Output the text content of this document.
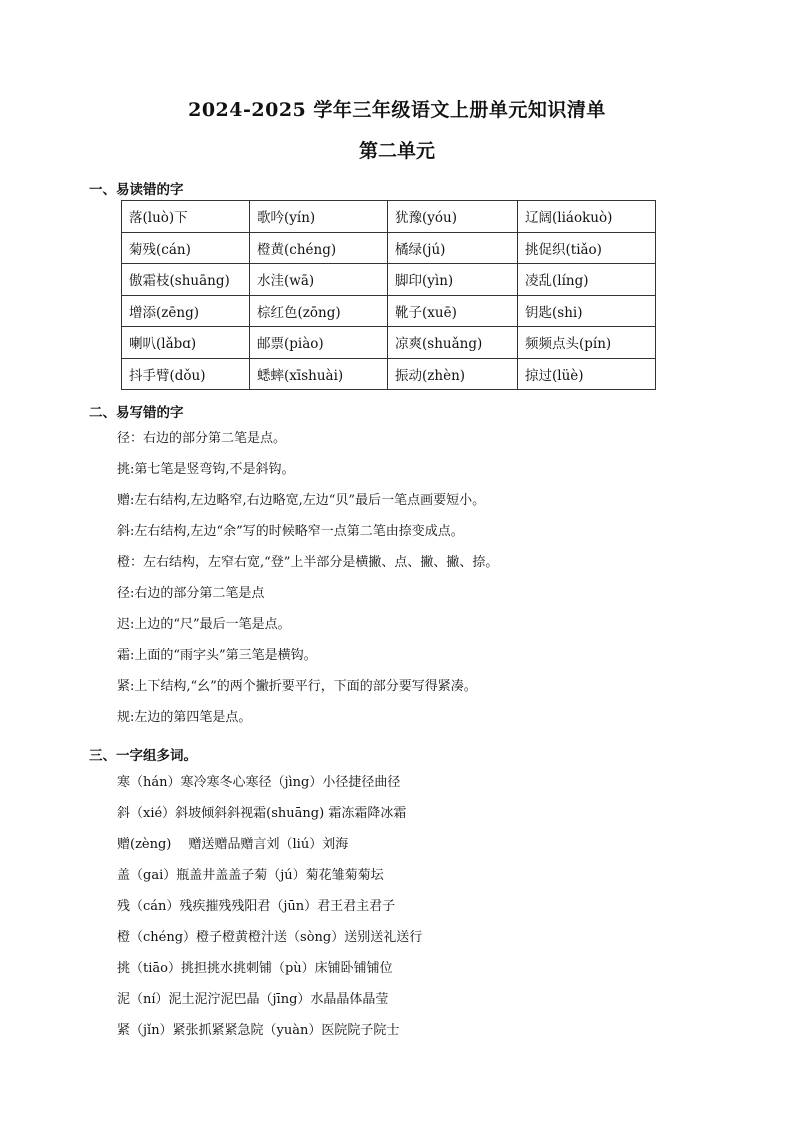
2024-2025 学年三年级语文上册单元知识清单
第二单元
一、易读错的字
落(luò)下	歌吟(yín)	犹豫(yóu)	辽阔(liáokuò)
菊残(cán)	橙黄(chéng)	橘绿(jú)	挑促织(tiǎo)
傲霜枝(shuāng)	水洼(wā)	脚印(yìn)	凌乱(líng)
增添(zēng)	棕红色(zōng)	靴子(xuē)	钥匙(shi)
喇叭(lǎbɑ)	邮票(piào)	凉爽(shuǎng)	频频点头(pín)
抖手臂(dǒu)	蟋蟀(xīshuài)	振动(zhèn)	掠过(lüè)
二、易写错的字
径：右边的部分第二笔是点。
挑:第七笔是竖弯钩,不是斜钩。
赠:左右结构,左边略窄,右边略宽,左边“贝”最后一笔点画要短小。
斜:左右结构,左边“余”写的时候略窄一点第二笔由捺变成点。
橙：左右结构，左窄右宽,“登”上半部分是横撇、点、撇、撇、捺。
径:右边的部分第二笔是点
迟:上边的“尺”最后一笔是点。
霜:上面的“雨字头”第三笔是横钩。
紧:上下结构,“幺”的两个撇折要平行，下面的部分要写得紧凑。
规:左边的第四笔是点。
三、一字组多词。
寒（hán）寒冷寒冬心寒径（jìng）小径捷径曲径
斜（xié）斜坡倾斜斜视霜(shuāng) 霜冻霜降冰霜
赠(zèng)　 赠送赠品赠言刘（liú）刘海
盖（gai）瓶盖井盖盖子菊（jú）菊花雏菊菊坛
残（cán）残疾摧残残阳君（jūn）君王君主君子
橙（chéng）橙子橙黄橙汁送（sòng）送别送礼送行
挑（tiāo）挑担挑水挑刺铺（pù）床铺卧铺铺位
泥（ní）泥土泥泞泥巴晶（jīng）水晶晶体晶莹
紧（jǐn）紧张抓紧紧急院（yuàn）医院院子院士
